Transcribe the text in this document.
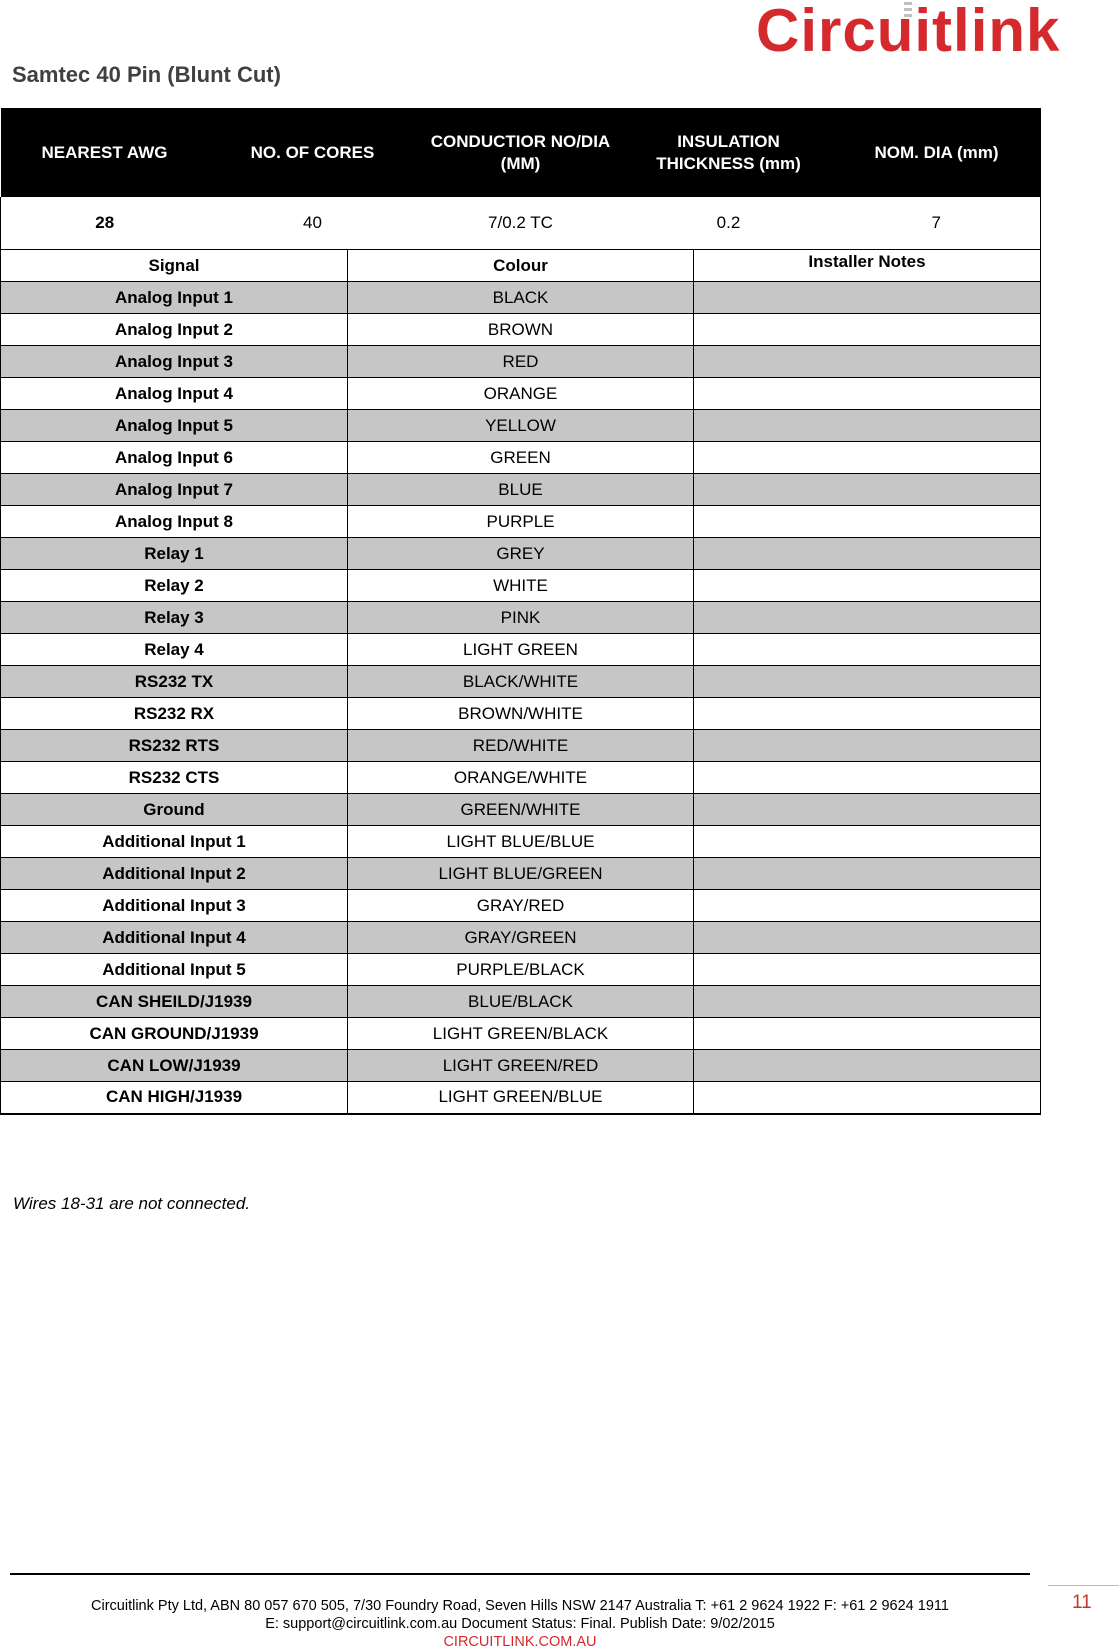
Circuitlink
Samtec 40 Pin (Blunt Cut)
NEAREST AWG	NO. OF CORES	CONDUCTIOR NO/DIA (MM)	INSULATION THICKNESS (mm)	NOM. DIA (mm)
28	40	7/0.2 TC	0.2	7
Signal	Colour	Installer Notes
Analog Input 1	BLACK	
Analog Input 2	BROWN	
Analog Input 3	RED	
Analog Input 4	ORANGE	
Analog Input 5	YELLOW	
Analog Input 6	GREEN	
Analog Input 7	BLUE	
Analog Input 8	PURPLE	
Relay 1	GREY	
Relay 2	WHITE	
Relay 3	PINK	
Relay 4	LIGHT GREEN	
RS232 TX	BLACK/WHITE	
RS232 RX	BROWN/WHITE	
RS232 RTS	RED/WHITE	
RS232 CTS	ORANGE/WHITE	
Ground	GREEN/WHITE	
Additional Input 1	LIGHT BLUE/BLUE	
Additional Input 2	LIGHT BLUE/GREEN	
Additional Input 3	GRAY/RED	
Additional Input 4	GRAY/GREEN	
Additional Input 5	PURPLE/BLACK	
CAN SHEILD/J1939	BLUE/BLACK	
CAN GROUND/J1939	LIGHT GREEN/BLACK	
CAN LOW/J1939	LIGHT GREEN/RED	
CAN HIGH/J1939	LIGHT GREEN/BLUE	
Wires 18-31 are not connected.
11
Circuitlink Pty Ltd, ABN 80 057 670 505, 7/30 Foundry Road, Seven Hills NSW 2147 Australia T: +61 2 9624 1922 F: +61 2 9624 1911
E: support@circuitlink.com.au Document Status: Final. Publish Date: 9/02/2015
CIRCUITLINK.COM.AU
